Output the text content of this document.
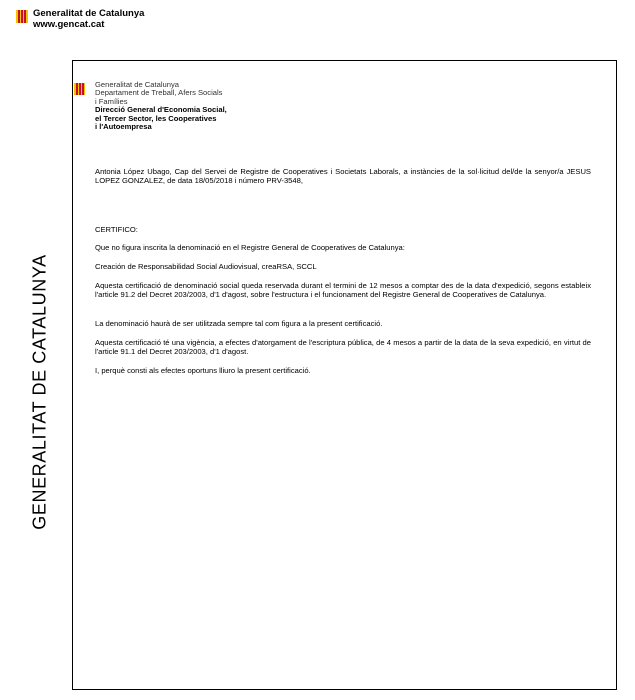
Generalitat de Catalunya
www.gencat.cat
GENERALITAT DE CATALUNYA
Generalitat de Catalunya
Departament de Treball, Afers Socials
i Famílies
Direcció General d'Economia Social,
el Tercer Sector, les Cooperatives
i l'Autoempresa
Antonia López Ubago, Cap del Servei de Registre de Cooperatives i Societats Laborals, a instàncies de la sol·licitud del/de la senyor/a JESUS LOPEZ GONZALEZ, de data 18/05/2018 i número PRV-3548,
CERTIFICO:
Que no figura inscrita la denominació en el Registre General de Cooperatives de Catalunya:
Creación de Responsabilidad Social Audiovisual, creaRSA, SCCL
Aquesta certificació de denominació social queda reservada durant el termini de 12 mesos a comptar des de la data d'expedició, segons estableix l'article 91.2 del Decret 203/2003, d'1 d'agost, sobre l'estructura i el funcionament del Registre General de Cooperatives de Catalunya.
La denominació haurà de ser utilitzada sempre tal com figura a la present certificació.
Aquesta certificació té una vigència, a efectes d'atorgament de l'escriptura pública, de 4 mesos a partir de la data de la seva expedició, en virtut de l'article 91.1 del Decret 203/2003, d'1 d'agost.
I, perquè consti als efectes oportuns lliuro la present certificació.
